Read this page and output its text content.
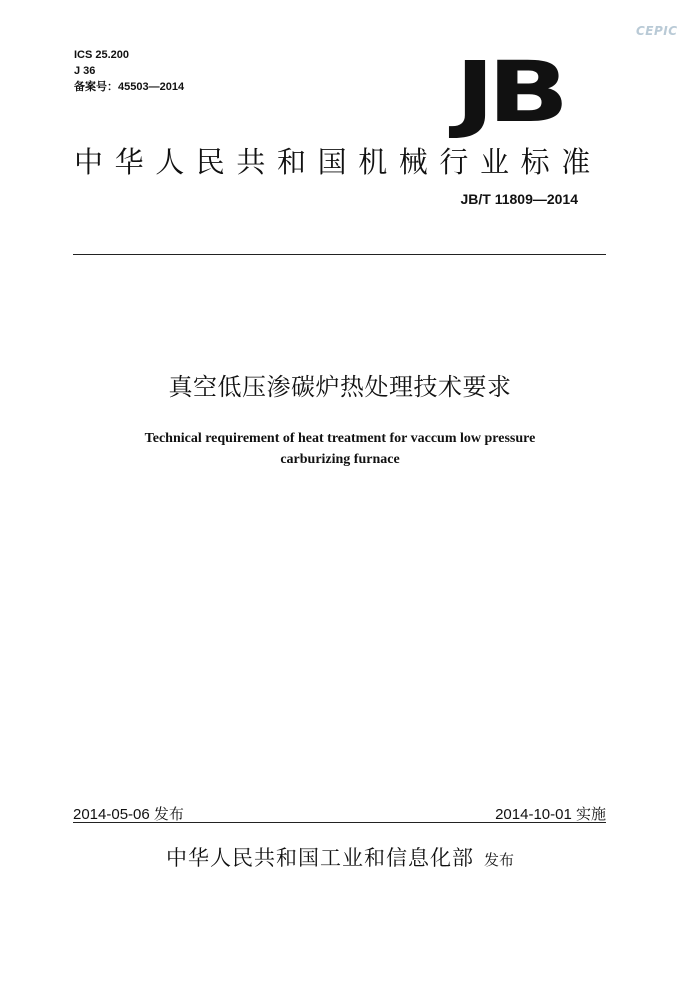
CEPIC
ICS 25.200
J 36
备案号：45503—2014	JB
中华人民共和国机械行业标准
JB/T 11809—2014
真空低压渗碳炉热处理技术要求
Technical requirement of heat treatment for vaccum low pressure
carburizing furnace
2014-05-06 发布	2014-10-01 实施
中华人民共和国工业和信息化部 发布
